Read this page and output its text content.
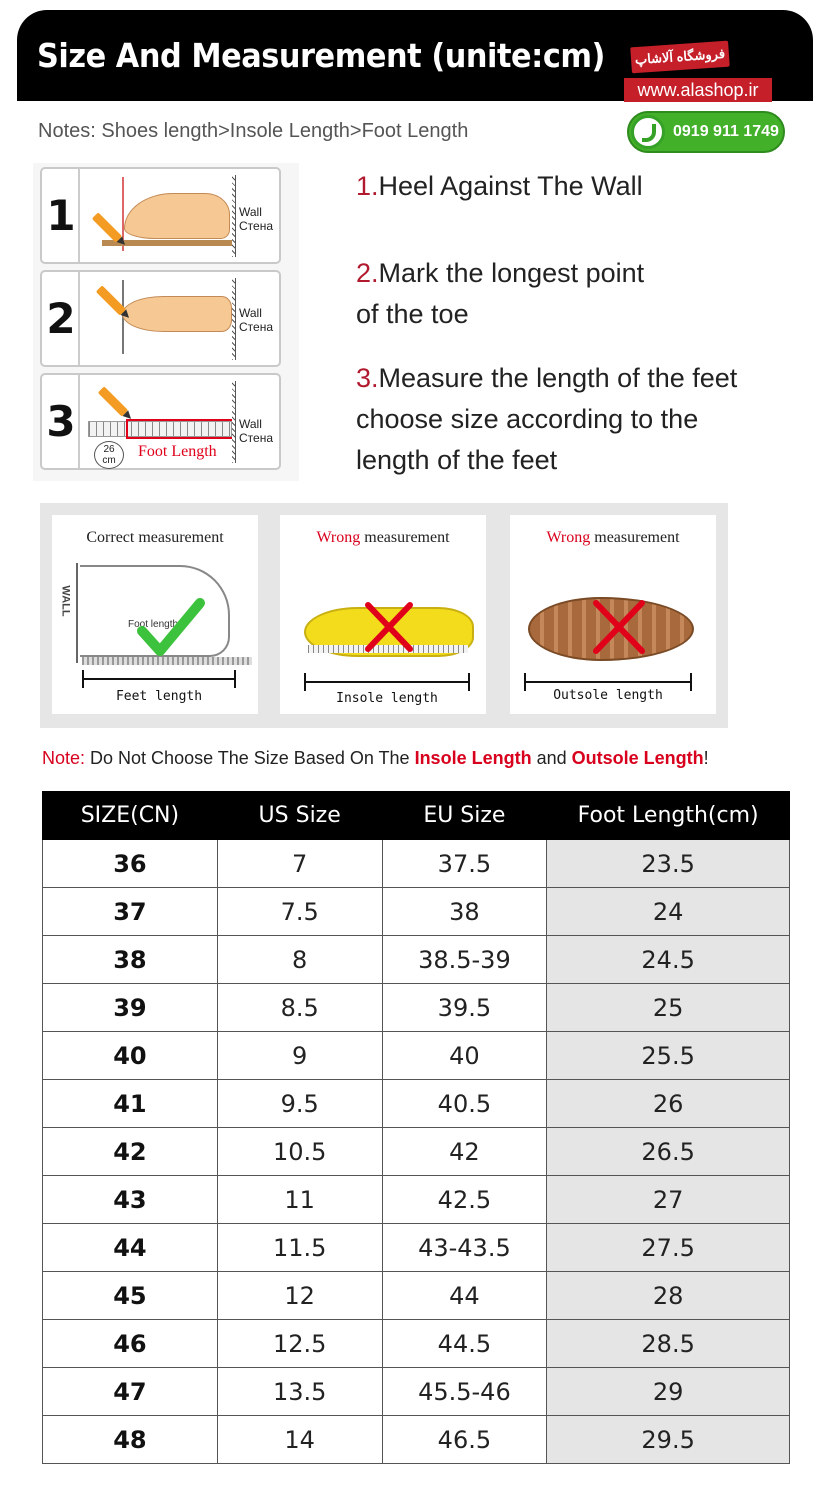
Size And Measurement (unite:cm)	فروشگاه آلاشاپ
www.alashop.ir
Notes: Shoes length>Insole Length>Foot Length	0919 911 1749
1	Wall
Стена
2	Wall
Стена
3
26
cm
Foot Length
Wall
Стена
1.Heel Against The Wall
2.Mark the longest point
of the toe
3.Measure the length of the feet
choose size according to the
length of the feet
Correct measurement
WALL
Foot length
Feet length
Wrong measurement
Insole length
Wrong measurement
Outsole length
Note: Do Not Choose The Size Based On The Insole Length and Outsole Length!
SIZE(CN)	US Size	EU Size	Foot Length(cm)
36	7	37.5	23.5
37	7.5	38	24
38	8	38.5-39	24.5
39	8.5	39.5	25
40	9	40	25.5
41	9.5	40.5	26
42	10.5	42	26.5
43	11	42.5	27
44	11.5	43-43.5	27.5
45	12	44	28
46	12.5	44.5	28.5
47	13.5	45.5-46	29
48	14	46.5	29.5
